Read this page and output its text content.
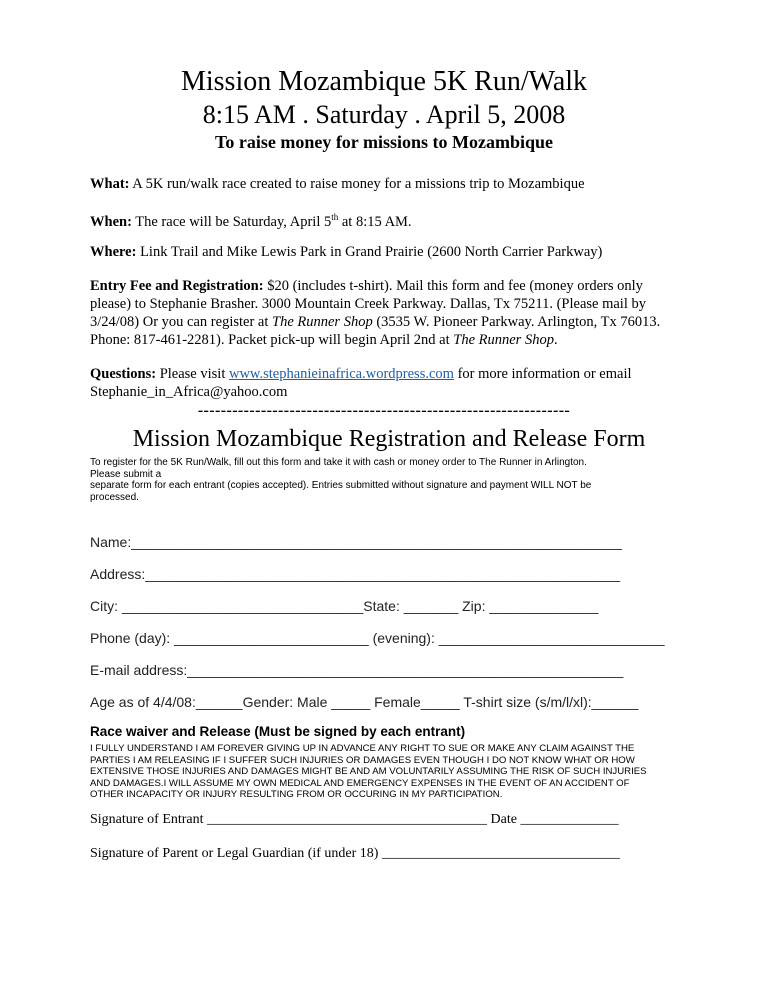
Mission Mozambique 5K Run/Walk
8:15 AM . Saturday . April 5, 2008
To raise money for missions to Mozambique
What: A 5K run/walk race created to raise money for a missions trip to Mozambique
When: The race will be Saturday, April 5th at 8:15 AM.
Where: Link Trail and Mike Lewis Park in Grand Prairie (2600 North Carrier Parkway)
Entry Fee and Registration: $20 (includes t-shirt). Mail this form and fee (money orders only please) to Stephanie Brasher. 3000 Mountain Creek Parkway. Dallas, Tx 75211. (Please mail by 3/24/08) Or you can register at The Runner Shop (3535 W. Pioneer Parkway. Arlington, Tx 76013. Phone: 817-461-2281). Packet pick-up will begin April 2nd at The Runner Shop.
Questions: Please visit www.stephanieinafrica.wordpress.com for more information or email Stephanie_in_Africa@yahoo.com
-----------------------------------------------------------------
Mission Mozambique Registration and Release Form
To register for the 5K Run/Walk, fill out this form and take it with cash or money order to The Runner in Arlington.
Please submit a
separate form for each entrant (copies accepted). Entries submitted without signature and payment WILL NOT be
processed.
Name:_______________________________________________________________
Address:_____________________________________________________________
City: _______________________________State: _______ Zip: ______________
Phone (day): _________________________ (evening): _____________________________
E-mail address:________________________________________________________
Age as of 4/4/08:______Gender: Male _____ Female_____ T-shirt size (s/m/l/xl):______
Race waiver and Release (Must be signed by each entrant)
I FULLY UNDERSTAND I AM FOREVER GIVING UP IN ADVANCE ANY RIGHT TO SUE OR MAKE ANY CLAIM AGAINST THE
PARTIES I AM RELEASING IF I SUFFER SUCH INJURIES OR DAMAGES EVEN THOUGH I DO NOT KNOW WHAT OR HOW
EXTENSIVE THOSE INJURIES AND DAMAGES MIGHT BE AND AM VOLUNTARILY ASSUMING THE RISK OF SUCH INJURIES
AND DAMAGES.I WILL ASSUME MY OWN MEDICAL AND EMERGENCY EXPENSES IN THE EVENT OF AN ACCIDENT OF
OTHER INCAPACITY OR INJURY RESULTING FROM OR OCCURING IN MY PARTICIPATION.
Signature of Entrant ________________________________________ Date ______________
Signature of Parent or Legal Guardian (if under 18) __________________________________
